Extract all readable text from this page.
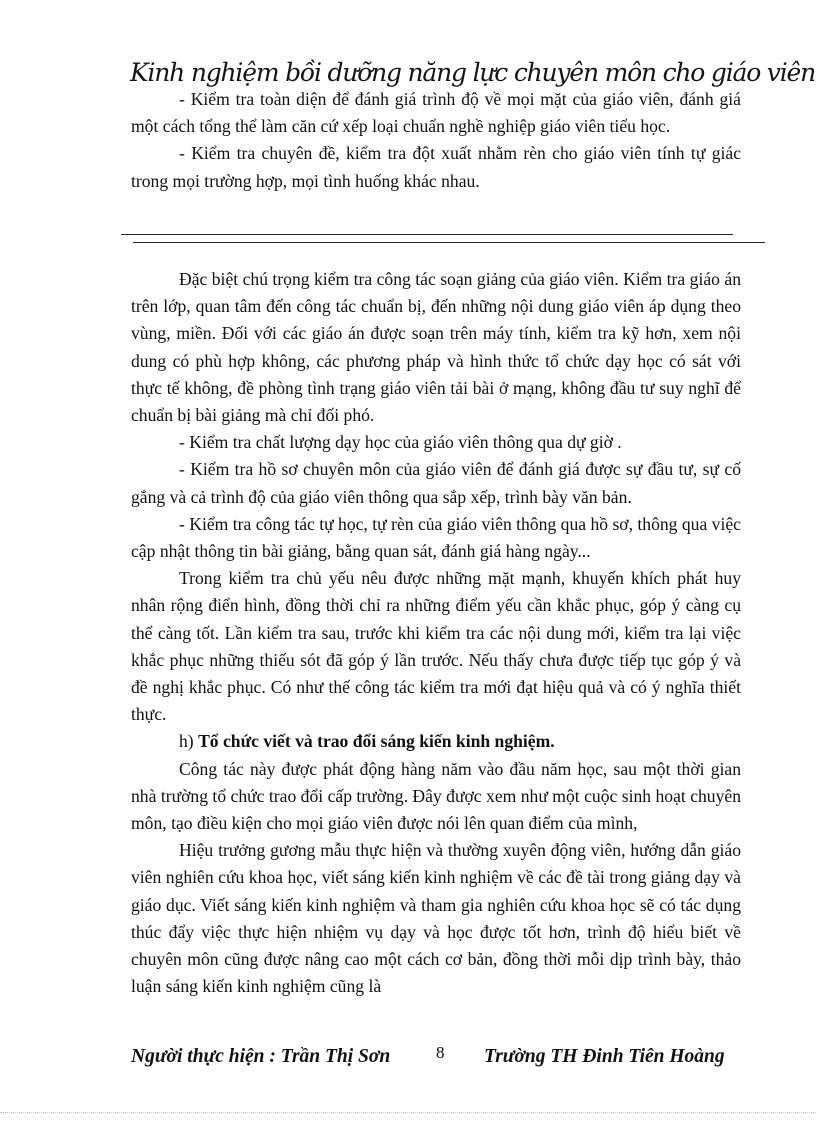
Kinh nghiệm bồi dưỡng năng lực chuyên môn cho giáo viên

- Kiểm tra toàn diện để đánh giá trình độ về mọi mặt của giáo viên, đánh giá một cách tổng thể làm căn cứ xếp loại chuẩn nghề nghiệp giáo viên tiểu học.

- Kiểm tra chuyên đề, kiểm tra đột xuất nhằm rèn cho giáo viên tính tự giác trong mọi trường hợp, mọi tình huống khác nhau.

Đặc biệt chú trọng kiểm tra công tác soạn giảng của giáo viên. Kiểm tra giáo án trên lớp, quan tâm đến công tác chuẩn bị, đến những nội dung giáo viên áp dụng theo vùng, miền. Đối với các giáo án được soạn trên máy tính, kiểm tra kỹ hơn, xem nội dung có phù hợp không, các phương pháp và hình thức tổ chức dạy học có sát với thực tế không, đề phòng tình trạng giáo viên tải bài ở mạng, không đầu tư suy nghĩ để chuẩn bị bài giảng mà chỉ đối phó.

- Kiểm tra chất lượng dạy học của giáo viên thông qua dự giờ .

- Kiểm tra hồ sơ chuyên môn của giáo viên để đánh giá được sự đầu tư, sự cố gắng và cả trình độ của giáo viên thông qua sắp xếp, trình bày văn bản.

- Kiểm tra công tác tự học, tự rèn của giáo viên thông qua hồ sơ, thông qua việc cập nhật thông tin bài giảng, bằng quan sát, đánh giá hàng ngày...

Trong kiểm tra chủ yếu nêu được những mặt mạnh, khuyến khích phát huy nhân rộng điển hình, đồng thời chỉ ra những điểm yếu cần khắc phục, góp ý càng cụ thể càng tốt. Lần kiểm tra sau, trước khi kiểm tra các nội dung mới, kiểm tra lại việc khắc phục những thiếu sót đã góp ý lần trước. Nếu thấy chưa được tiếp tục góp ý và đề nghị khắc phục. Có như thế công tác kiểm tra mới đạt hiệu quả và có ý nghĩa thiết thực.

h) Tổ chức viết và trao đổi sáng kiến kinh nghiệm.

Công tác này được phát động hàng năm vào đầu năm học, sau một thời gian nhà trường tổ chức trao đổi cấp trường. Đây được xem như một cuộc sinh hoạt chuyên môn, tạo điều kiện cho mọi giáo viên được nói lên quan điểm của mình,

Hiệu trưởng gương mẫu thực hiện và thường xuyên động viên, hướng dẫn giáo viên nghiên cứu khoa học, viết sáng kiến kinh nghiệm về các đề tài trong giảng dạy và giáo dục. Viết sáng kiến kinh nghiệm và tham gia nghiên cứu khoa học sẽ có tác dụng thúc đẩy việc thực hiện nhiệm vụ dạy và học được tốt hơn, trình độ hiểu biết về chuyên môn cũng được nâng cao một cách cơ bản, đồng thời mỗi dịp trình bày, thảo luận sáng kiến kinh nghiệm cũng là

Người thực hiện : Trần Thị Sơn	8 Trường TH Đinh Tiên Hoàng
